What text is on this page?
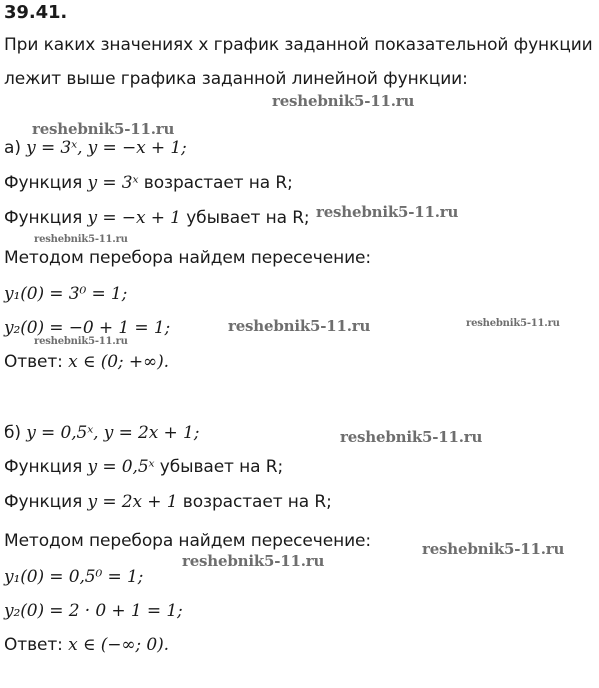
39.41.
При каких значениях x график заданной показательной функции
лежит выше графика заданной линейной функции:
а) y = 3ˣ, y = −x + 1;
Функция y = 3ˣ возрастает на R;
Функция y = −x + 1 убывает на R;
Методом перебора найдем пересечение:
y₁(0) = 3⁰ = 1;
y₂(0) = −0 + 1 = 1;
Ответ: x ∈ (0; +∞).
б) y = 0,5ˣ, y = 2x + 1;
Функция y = 0,5ˣ убывает на R;
Функция y = 2x + 1 возрастает на R;
Методом перебора найдем пересечение:
y₁(0) = 0,5⁰ = 1;
y₂(0) = 2 · 0 + 1 = 1;
Ответ: x ∈ (−∞; 0).
reshebnik5-11.ru
reshebnik5-11.ru
reshebnik5-11.ru
reshebnik5-11.ru
reshebnik5-11.ru	reshebnik5-11.ru
reshebnik5-11.ru
reshebnik5-11.ru
reshebnik5-11.ru
reshebnik5-11.ru
